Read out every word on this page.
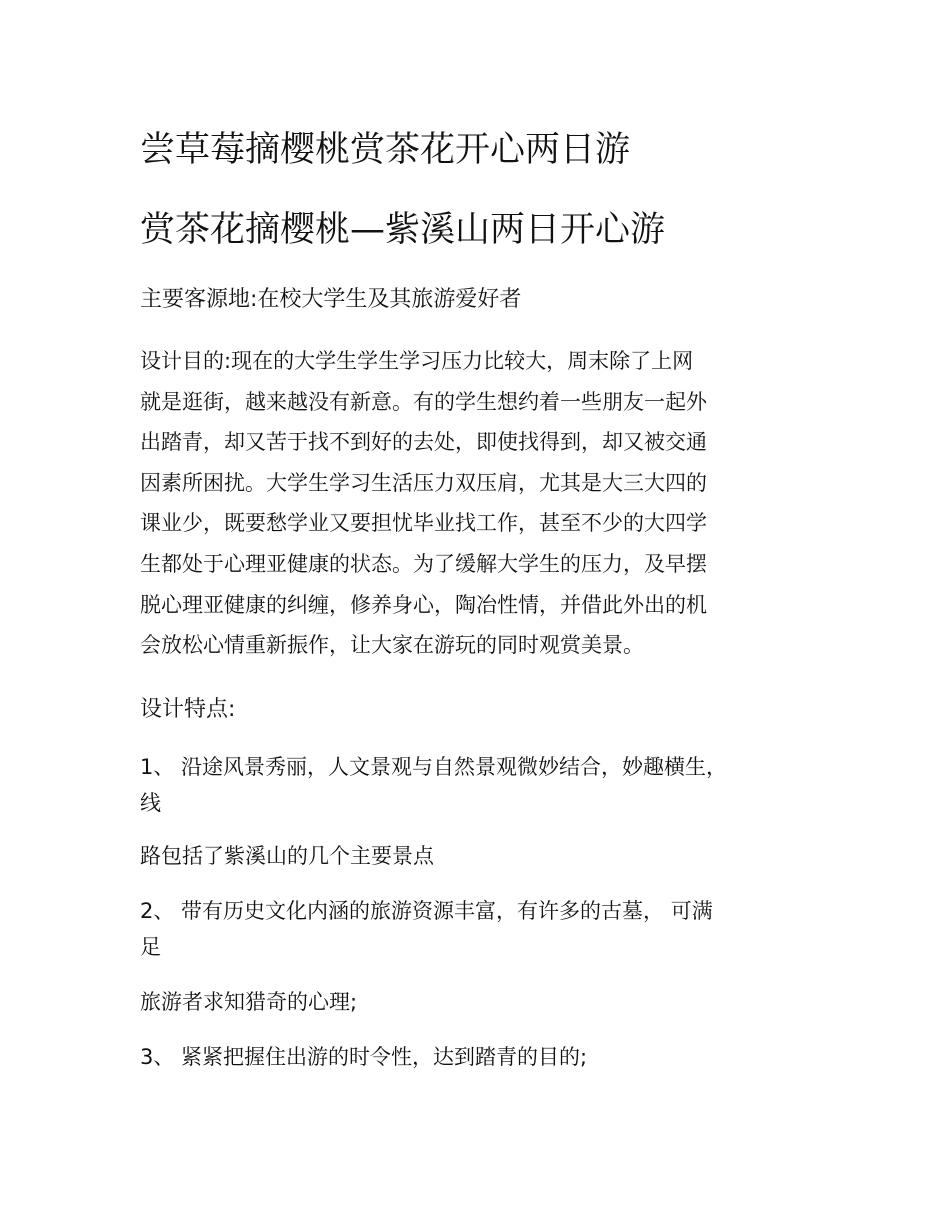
尝草莓摘樱桃赏茶花开心两日游
赏茶花摘樱桃—紫溪山两日开心游

主要客源地:在校大学生及其旅游爱好者

设计目的:现在的大学生学生学习压力比较大，周末除了上网
就是逛街，越来越没有新意。有的学生想约着一些朋友一起外
出踏青，却又苦于找不到好的去处，即使找得到，却又被交通
因素所困扰。大学生学习生活压力双压肩，尤其是大三大四的
课业少，既要愁学业又要担忧毕业找工作，甚至不少的大四学
生都处于心理亚健康的状态。为了缓解大学生的压力，及早摆
脱心理亚健康的纠缠，修养身心，陶冶性情，并借此外出的机
会放松心情重新振作，让大家在游玩的同时观赏美景。

设计特点:

1、 沿途风景秀丽，人文景观与自然景观微妙结合，妙趣横生，
线

路包括了紫溪山的几个主要景点

2、 带有历史文化内涵的旅游资源丰富，有许多的古墓， 可满
足

旅游者求知猎奇的心理;

3、 紧紧把握住出游的时令性，达到踏青的目的;
